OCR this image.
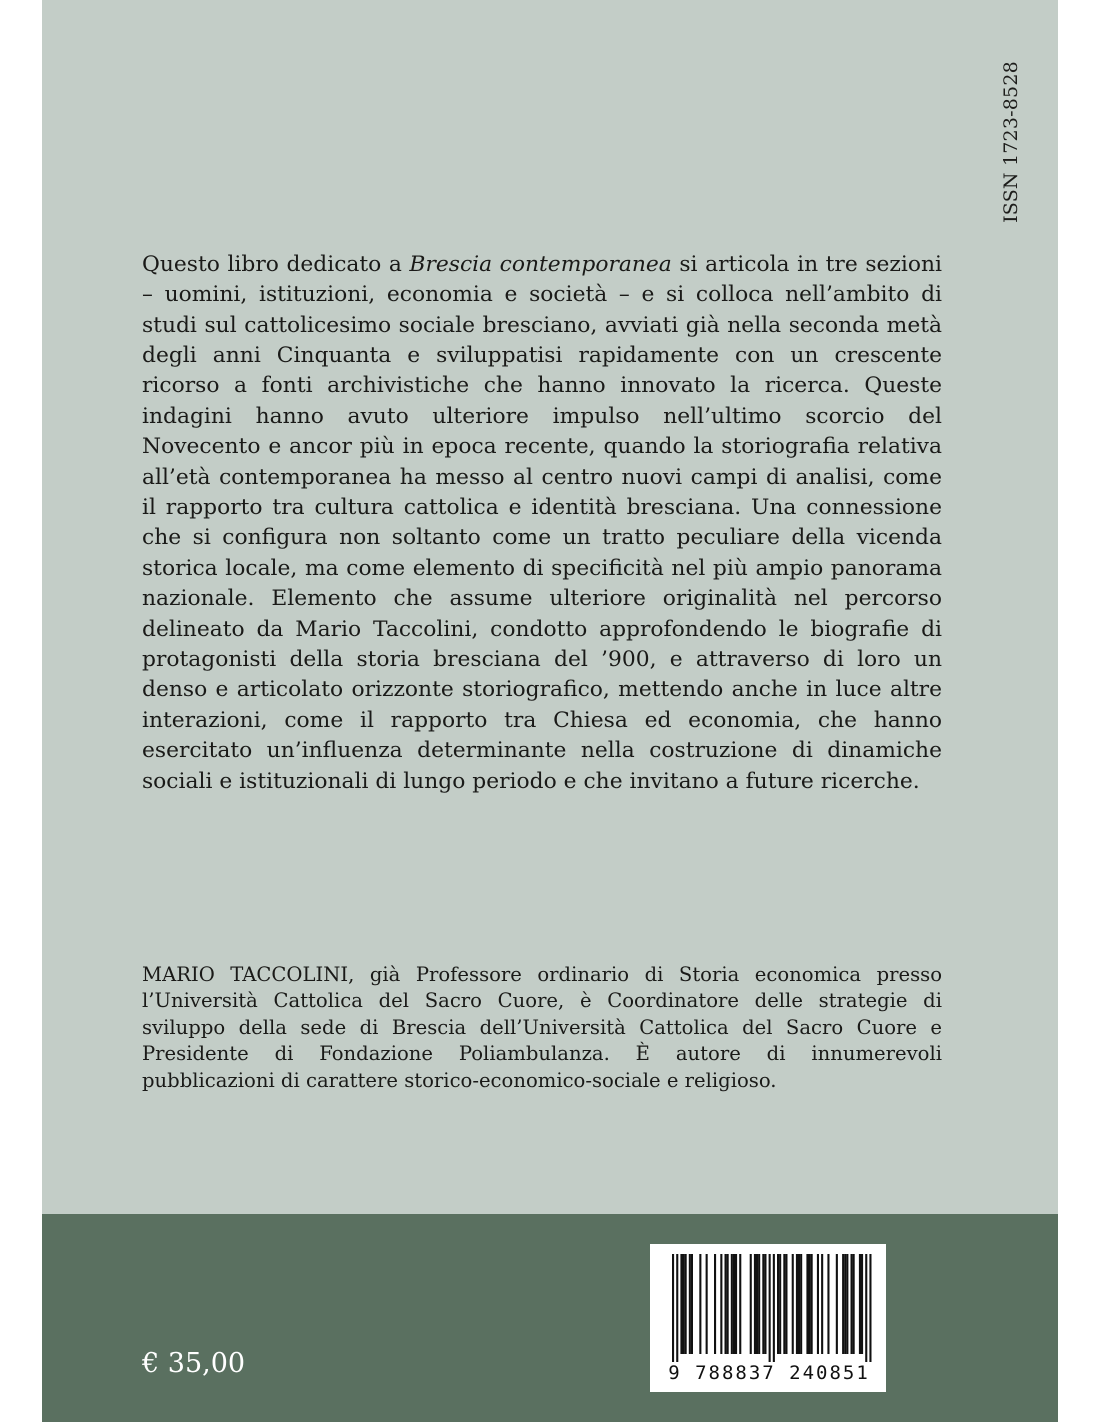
ISSN 1723-8528

Questo libro dedicato a Brescia contemporanea si articola in tre sezioni – uomini, istituzioni, economia e società – e si colloca nell’ambito di studi sul cattolicesimo sociale bresciano, avviati già nella seconda metà degli anni Cinquanta e sviluppatisi rapidamente con un crescente ricorso a fonti archivistiche che hanno innovato la ricerca. Queste indagini hanno avuto ulteriore impulso nell’ultimo scorcio del Novecento e ancor più in epoca recente, quando la storiografia relativa all’età contemporanea ha messo al centro nuovi campi di analisi, come il rapporto tra cultura cattolica e identità bresciana. Una connessione che si configura non soltanto come un tratto peculiare della vicenda storica locale, ma come elemento di specificità nel più ampio panorama nazionale. Elemento che assume ulteriore originalità nel percorso delineato da Mario Taccolini, condotto approfondendo le biografie di protagonisti della storia bresciana del ’900, e attraverso di loro un denso e articolato orizzonte storiografico, mettendo anche in luce altre interazioni, come il rapporto tra Chiesa ed economia, che hanno esercitato un’influenza determinante nella costruzione di dinamiche sociali e istituzionali di lungo periodo e che invitano a future ricerche.

MARIO TACCOLINI, già Professore ordinario di Storia economica presso l’Università Cattolica del Sacro Cuore, è Coordinatore delle strategie di sviluppo della sede di Brescia dell’Università Cattolica del Sacro Cuore e Presidente di Fondazione Poliambulanza. È autore di innumerevoli pubblicazioni di carattere storico-economico-sociale e religioso.

€ 35,00	9 788837 240851
